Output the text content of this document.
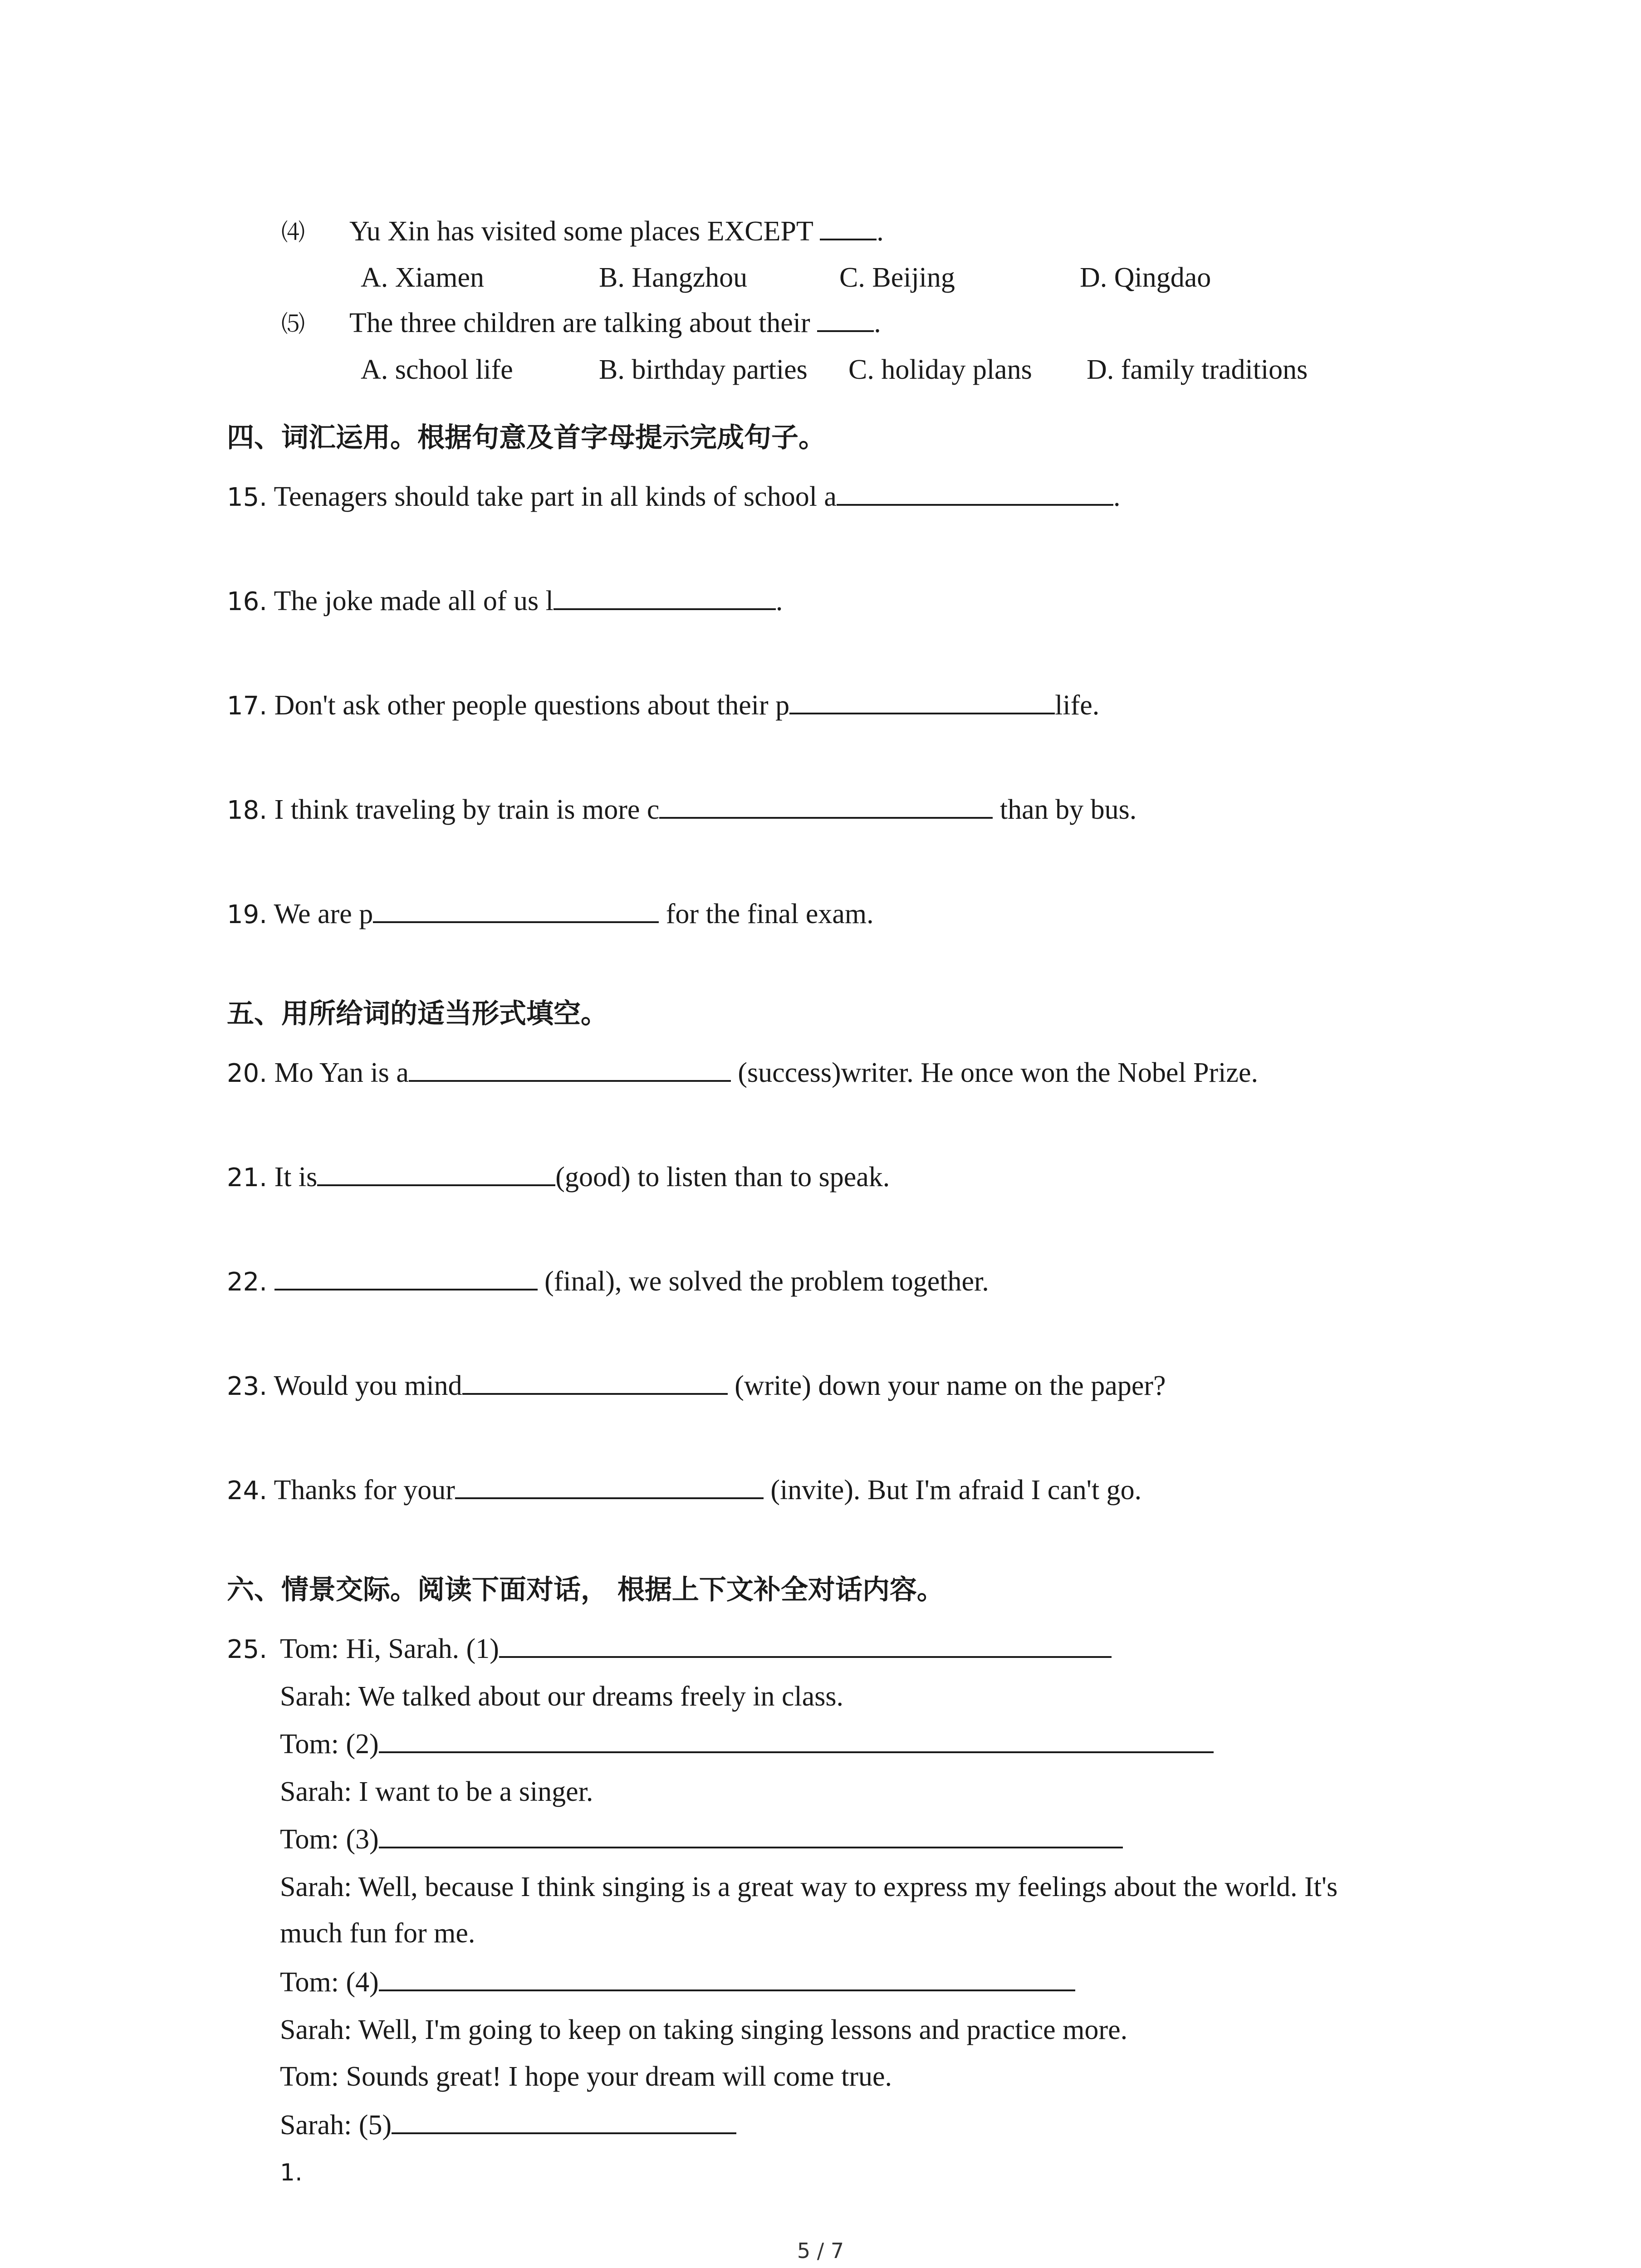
⑷ Yu Xin has visited some places EXCEPT .
A. Xiamen	B. Hangzhou	C. Beijing	D. Qingdao
⑸ The three children are talking about their .
A. school life	B. birthday parties C. holiday plans D. family traditions
四、词汇运用。根据句意及首字母提示完成句子。
15. Teenagers should take part in all kinds of school a	.
16. The joke made all of us l	.
17. Don't ask other people questions about their p	life.
18. I think traveling by train is more c	than by bus.
19. We are p	for the final exam.
五、用所给词的适当形式填空。
20. Mo Yan is a	(success)writer. He once won the Nobel Prize.
21. It is	(good) to listen than to speak.
22.	(final), we solved the problem together.
23. Would you mind	(write) down your name on the paper?
24. Thanks for your	(invite). But I'm afraid I can't go.
六、情景交际。阅读下面对话， 根据上下文补全对话内容。
25. Tom: Hi, Sarah. (1)
Sarah: We talked about our dreams freely in class.
Tom: (2)
Sarah: I want to be a singer.
Tom: (3)
Sarah: Well, because I think singing is a great way to express my feelings about the world. It's
much fun for me.
Tom: (4)
Sarah: Well, I'm going to keep on taking singing lessons and practice more.
Tom: Sounds great! I hope your dream will come true.
Sarah: (5)
1.
5 / 7
